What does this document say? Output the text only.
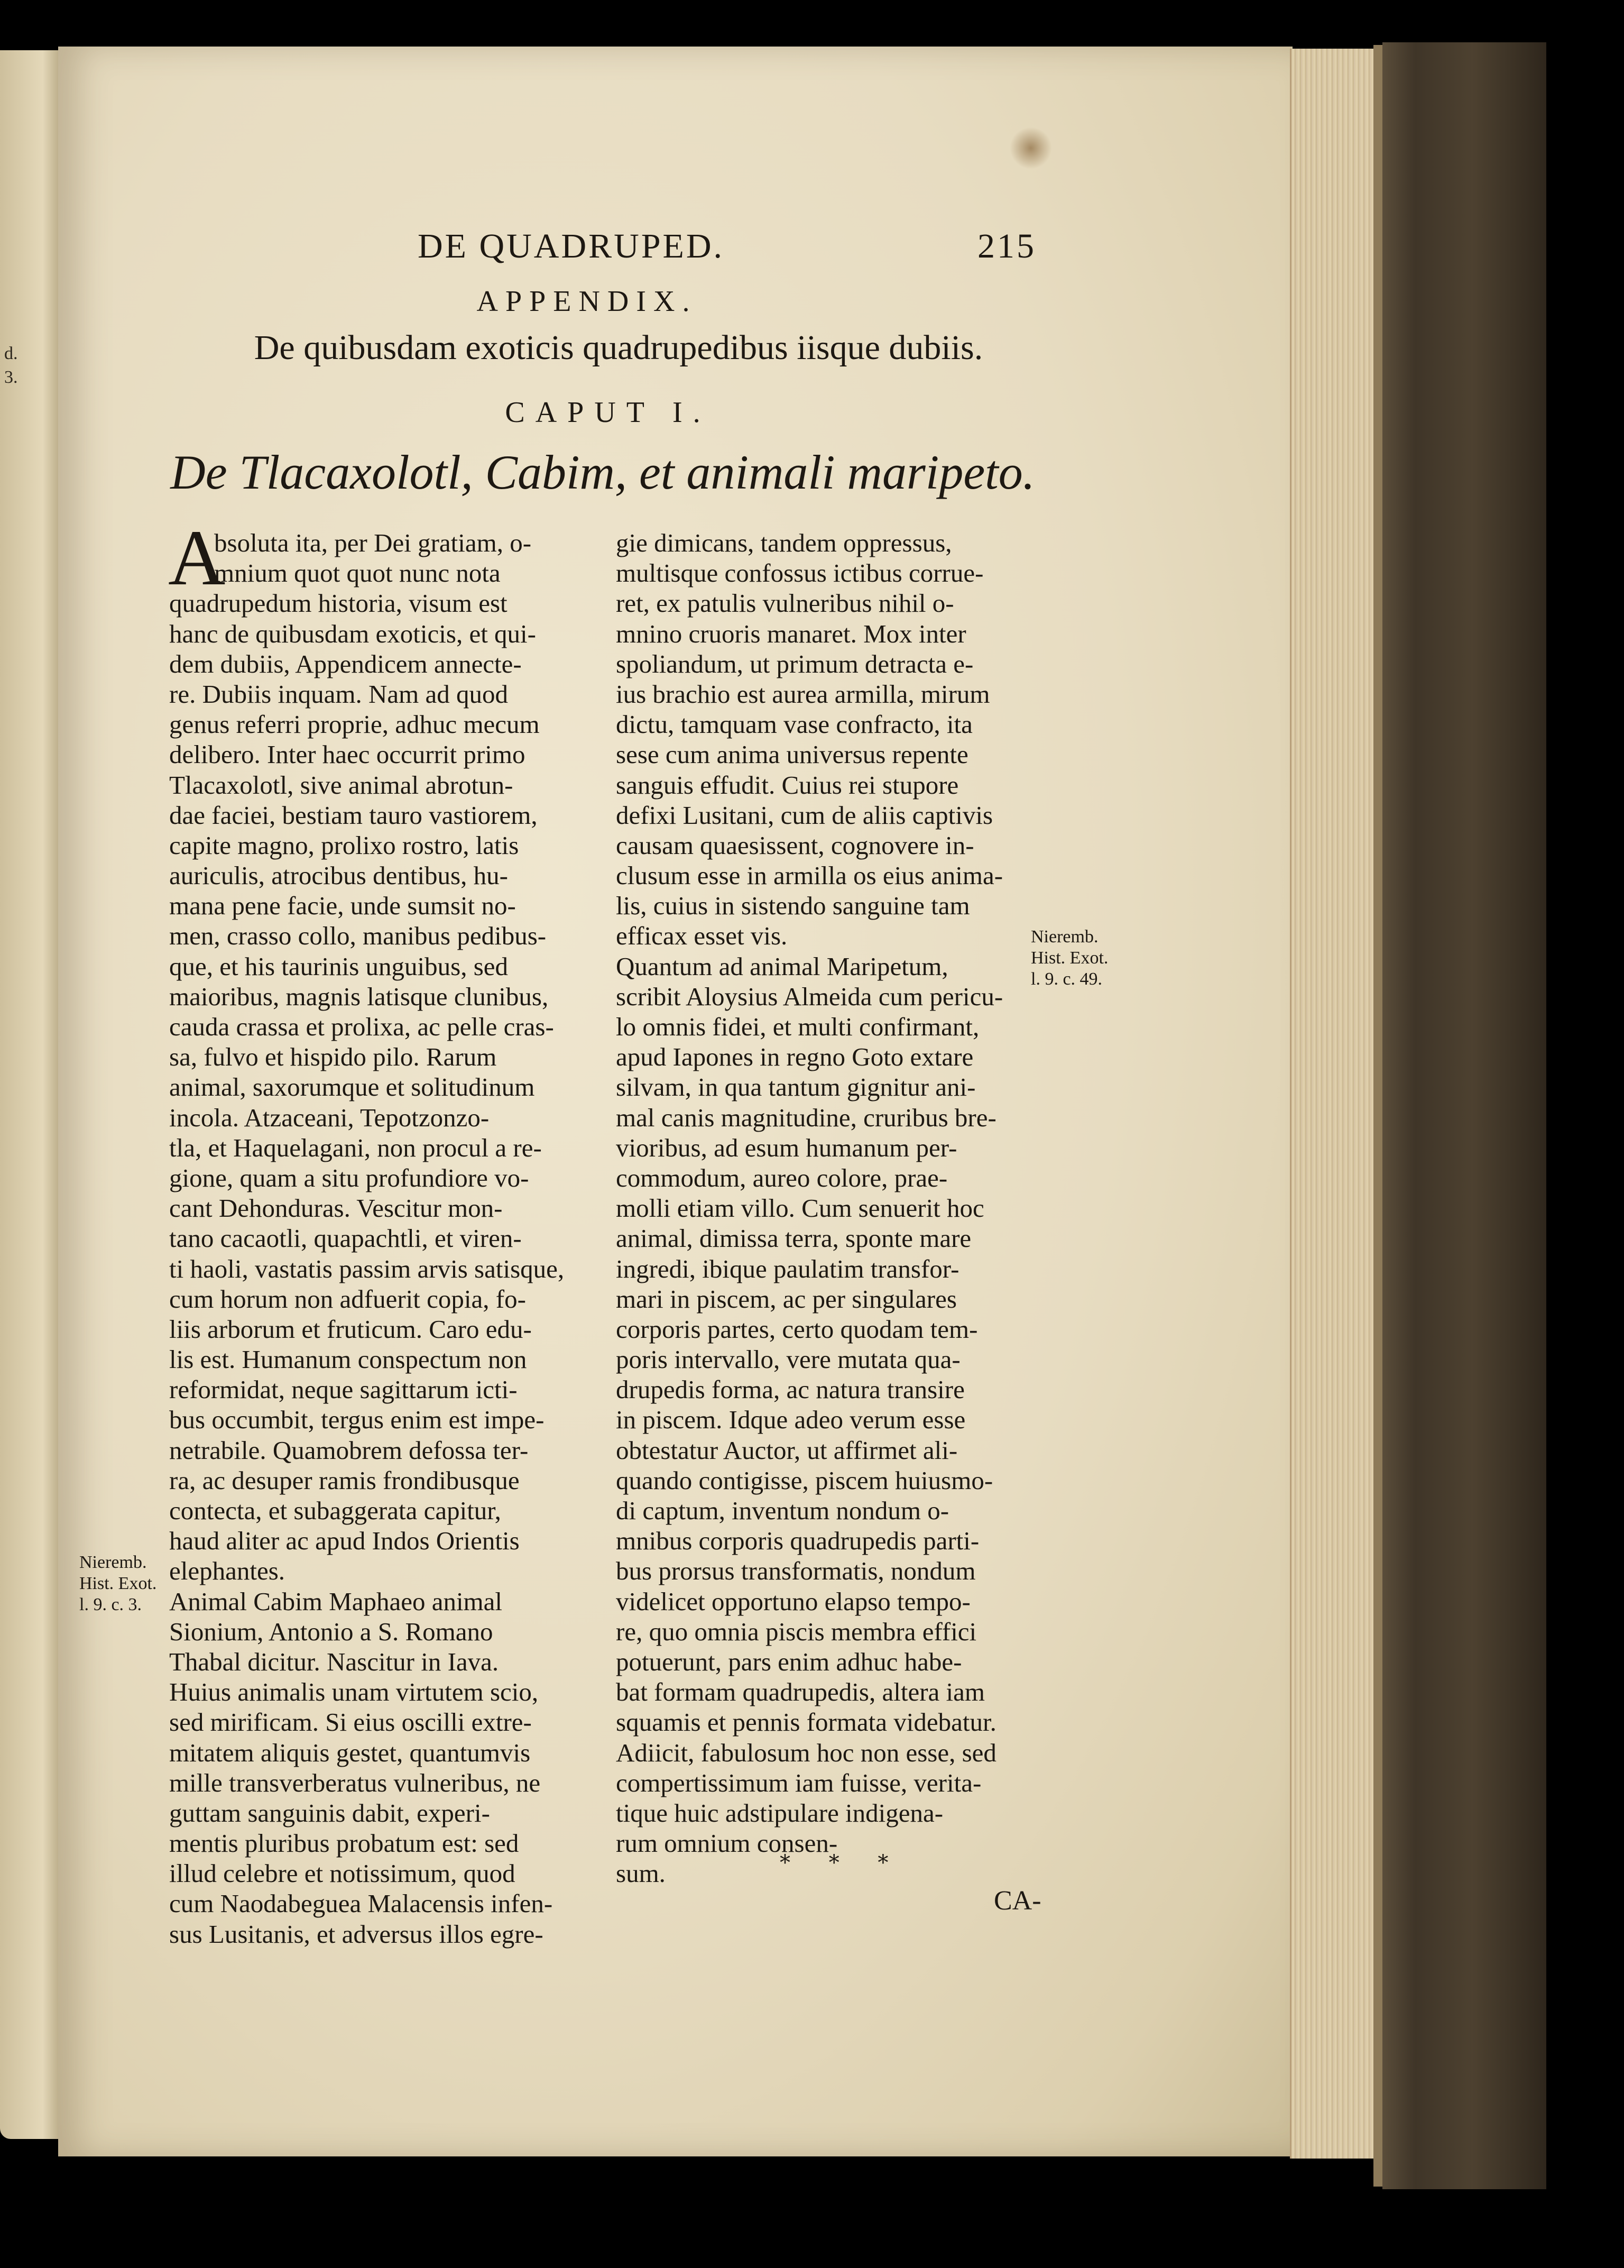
d.
3.
DE QUADRUPED.	215
APPENDIX.
De quibusdam exoticis quadrupedibus iisque dubiis.
CAPUT I.
De Tlacaxolotl, Cabim, et animali maripeto.
A
bsoluta ita, per Dei gratiam, o-
mnium quot quot nunc nota
quadrupedum historia, visum est
hanc de quibusdam exoticis, et qui-
dem dubiis, Appendicem annecte-
re. Dubiis inquam. Nam ad quod
genus referri proprie, adhuc mecum
delibero. Inter haec occurrit primo
Tlacaxolotl, sive animal abrotun-
dae faciei, bestiam tauro vastiorem,
capite magno, prolixo rostro, latis
auriculis, atrocibus dentibus, hu-
mana pene facie, unde sumsit no-
men, crasso collo, manibus pedibus-
que, et his taurinis unguibus, sed
maioribus, magnis latisque clunibus,
cauda crassa et prolixa, ac pelle cras-
sa, fulvo et hispido pilo. Rarum
animal, saxorumque et solitudinum
incola. Atzaceani, Tepotzonzo-
tla, et Haquelagani, non procul a re-
gione, quam a situ profundiore vo-
cant Dehonduras. Vescitur mon-
tano cacaotli, quapachtli, et viren-
ti haoli, vastatis passim arvis satisque,
cum horum non adfuerit copia, fo-
liis arborum et fruticum. Caro edu-
lis est. Humanum conspectum non
reformidat, neque sagittarum icti-
bus occumbit, tergus enim est impe-
netrabile. Quamobrem defossa ter-
ra, ac desuper ramis frondibusque
contecta, et subaggerata capitur,
haud aliter ac apud Indos Orientis
elephantes.
Animal Cabim Maphaeo animal
Sionium, Antonio a S. Romano
Thabal dicitur. Nascitur in Iava.
Huius animalis unam virtutem scio,
sed mirificam. Si eius oscilli extre-
mitatem aliquis gestet, quantumvis
mille transverberatus vulneribus, ne
guttam sanguinis dabit, experi-
mentis pluribus probatum est: sed
illud celebre et notissimum, quod
cum Naodabeguea Malacensis infen-
sus Lusitanis, et adversus illos egre-
gie dimicans, tandem oppressus,
multisque confossus ictibus corrue-
ret, ex patulis vulneribus nihil o-
mnino cruoris manaret. Mox inter
spoliandum, ut primum detracta e-
ius brachio est aurea armilla, mirum
dictu, tamquam vase confracto, ita
sese cum anima universus repente
sanguis effudit. Cuius rei stupore
defixi Lusitani, cum de aliis captivis
causam quaesissent, cognovere in-
clusum esse in armilla os eius anima-
lis, cuius in sistendo sanguine tam
efficax esset vis.
Quantum ad animal Maripetum,
scribit Aloysius Almeida cum pericu-
lo omnis fidei, et multi confirmant,
apud Iapones in regno Goto extare
silvam, in qua tantum gignitur ani-
mal canis magnitudine, cruribus bre-
vioribus, ad esum humanum per-
commodum, aureo colore, prae-
molli etiam villo. Cum senuerit hoc
animal, dimissa terra, sponte mare
ingredi, ibique paulatim transfor-
mari in piscem, ac per singulares
corporis partes, certo quodam tem-
poris intervallo, vere mutata qua-
drupedis forma, ac natura transire
in piscem. Idque adeo verum esse
obtestatur Auctor, ut affirmet ali-
quando contigisse, piscem huiusmo-
di captum, inventum nondum o-
mnibus corporis quadrupedis parti-
bus prorsus transformatis, nondum
videlicet opportuno elapso tempo-
re, quo omnia piscis membra effici
potuerunt, pars enim adhuc habe-
bat formam quadrupedis, altera iam
squamis et pennis formata videbatur.
Adiicit, fabulosum hoc non esse, sed
compertissimum iam fuisse, verita-
tique huic adstipulare indigena-
rum omnium consen-
sum.
Nieremb.
Hist. Exot.
l. 9. c. 49.
Nieremb.
Hist. Exot.
l. 9. c. 3.
* * *
CA-
